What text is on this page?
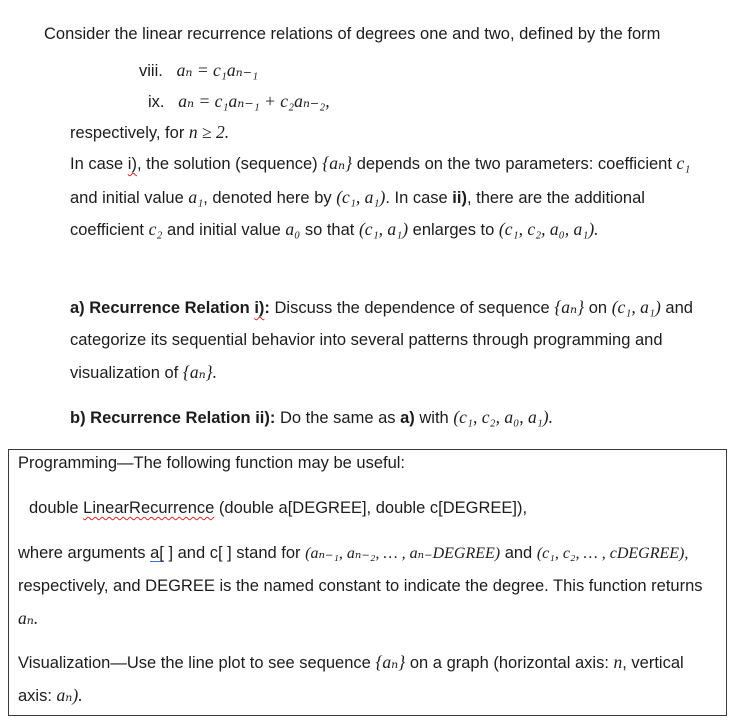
Consider the linear recurrence relations of degrees one and two, defined by the form
viii. aₙ = c₁aₙ₋₁
ix. aₙ = c₁aₙ₋₁ + c₂aₙ₋₂,
respectively, for n ≥ 2.
In case i), the solution (sequence) {aₙ} depends on the two parameters: coefficient c₁
and initial value a₁, denoted here by (c₁, a₁). In case ii), there are the additional
coefficient c₂ and initial value a₀ so that (c₁, a₁) enlarges to (c₁, c₂, a₀, a₁).
a) Recurrence Relation i): Discuss the dependence of sequence {aₙ} on (c₁, a₁) and
categorize its sequential behavior into several patterns through programming and
visualization of {aₙ}.
b) Recurrence Relation ii): Do the same as a) with (c₁, c₂, a₀, a₁).
Programming—The following function may be useful:
double LinearRecurrence (double a[DEGREE], double c[DEGREE]),
where arguments a[ ] and c[ ] stand for (aₙ₋₁, aₙ₋₂, … , aₙ₋DEGREE) and (c₁, c₂, … , cDEGREE),
respectively, and DEGREE is the named constant to indicate the degree. This function returns
aₙ.
Visualization—Use the line plot to see sequence {aₙ} on a graph (horizontal axis: n, vertical
axis: aₙ).
